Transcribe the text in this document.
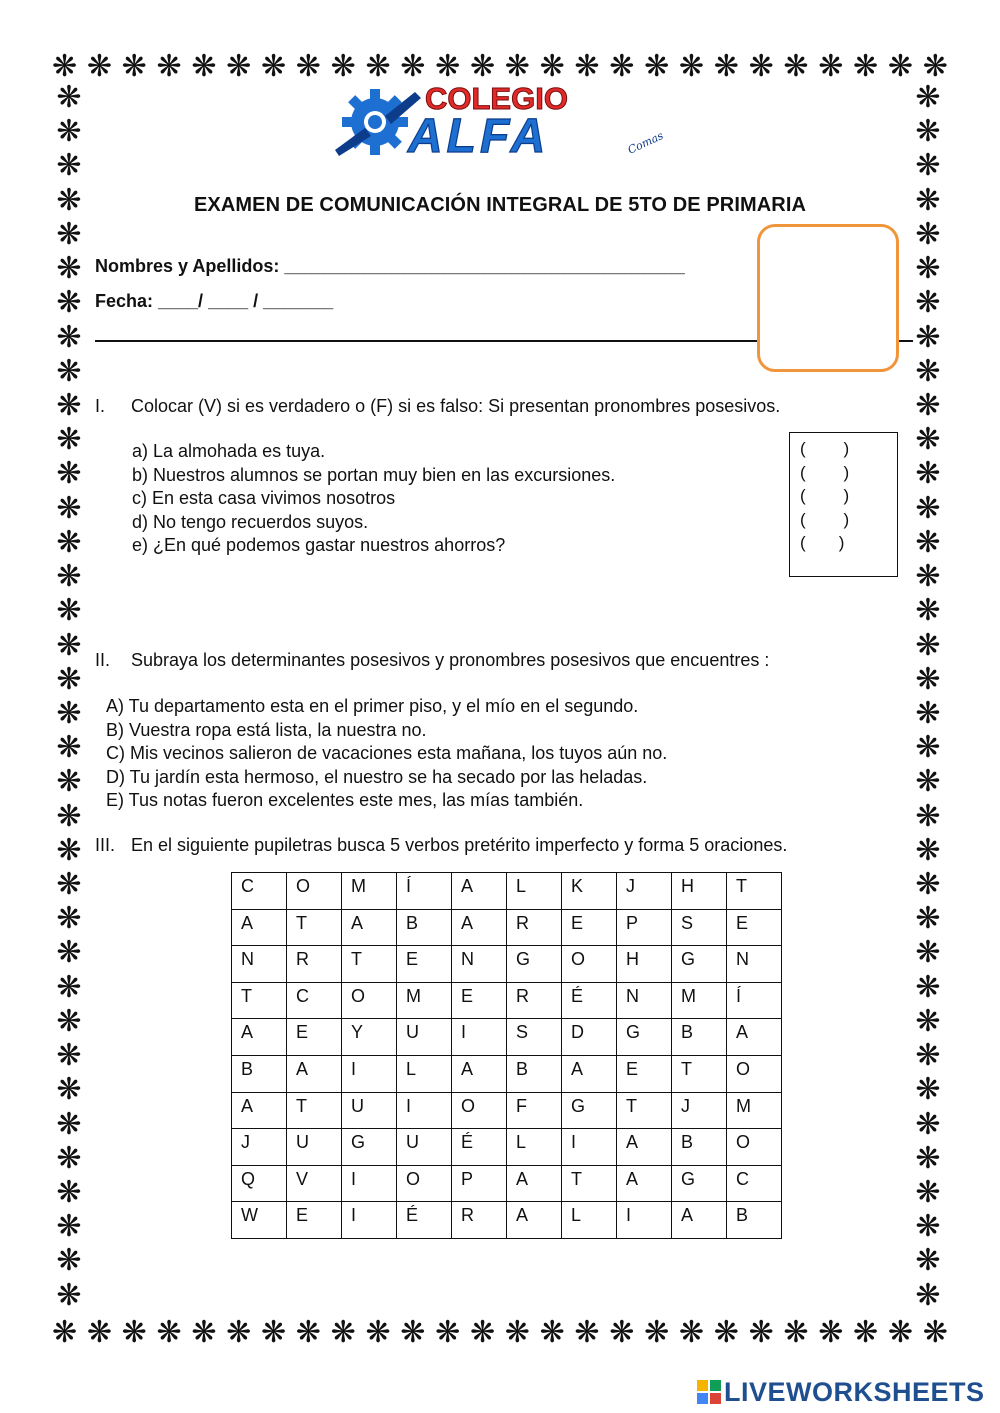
❋ ❋ ❋ ❋ ❋ ❋ ❋ ❋ ❋ ❋ ❋ ❋ ❋ ❋ ❋ ❋ ❋ ❋ ❋ ❋ ❋ ❋ ❋ ❋ ❋ ❋
❋ ❋ ❋ ❋ ❋ ❋ ❋ ❋ ❋ ❋ ❋ ❋ ❋ ❋ ❋ ❋ ❋ ❋ ❋ ❋ ❋ ❋ ❋ ❋ ❋ ❋
❋
❋
❋
❋
❋
❋
❋
❋
❋
❋
❋
❋
❋
❋
❋
❋
❋
❋
❋
❋
❋
❋
❋
❋
❋
❋
❋
❋
❋
❋
❋
❋
❋
❋
❋
❋
❋
❋
❋
❋
❋
❋
❋
❋
❋
❋
❋
❋
❋
❋
❋
❋
❋
❋
❋
❋
❋
❋
❋
❋
❋
❋
❋
❋
❋
❋
❋
❋
❋
❋
❋
❋
COLEGIO
ALFA	Comas
EXAMEN DE COMUNICACIÓN INTEGRAL DE 5TO DE PRIMARIA
Nombres y Apellidos: ________________________________________
Fecha: ____/ ____ / _______
I. Colocar (V) si es verdadero o (F) si es falso: Si presentan pronombres posesivos.
a) La almohada es tuya.
b) Nuestros alumnos se portan muy bien en las excursiones.
c) En esta casa vivimos nosotros
d) No tengo recuerdos suyos.
e) ¿En qué podemos gastar nuestros ahorros?
(        )
(        )
(        )
(        )
(       )
II. Subraya los determinantes posesivos y pronombres posesivos que encuentres :
A) Tu departamento esta en el primer piso, y el mío en el segundo.
B) Vuestra ropa está lista, la nuestra no.
C) Mis vecinos salieron de vacaciones esta mañana, los tuyos aún no.
D) Tu jardín esta hermoso, el nuestro se ha secado por las heladas.
E) Tus notas fueron excelentes este mes, las mías también.
III. En el siguiente pupiletras busca 5 verbos pretérito imperfecto y forma 5 oraciones.
C	O	M	Í	A	L	K	J	H	T
A	T	A	B	A	R	E	P	S	E
N	R	T	E	N	G	O	H	G	N
T	C	O	M	E	R	É	N	M	Í
A	E	Y	U	I	S	D	G	B	A
B	A	I	L	A	B	A	E	T	O
A	T	U	I	O	F	G	T	J	M
J	U	G	U	É	L	I	A	B	O
Q	V	I	O	P	A	T	A	G	C
W	E	I	É	R	A	L	I	A	B
LIVEWORKSHEETS
